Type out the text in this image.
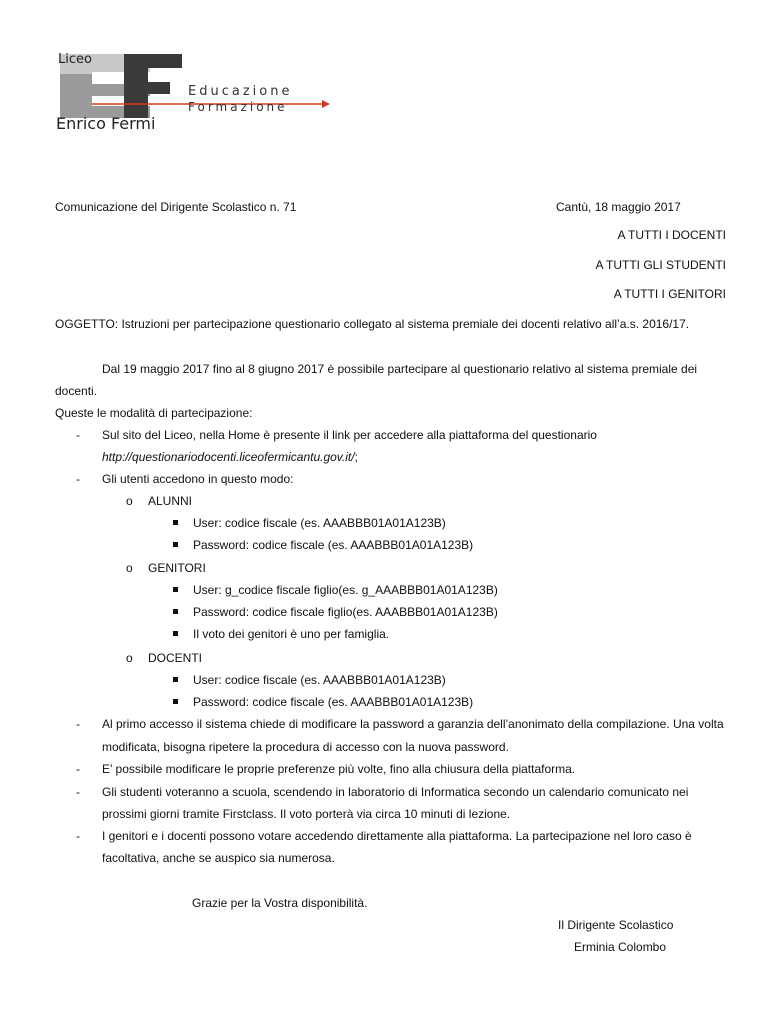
Liceo
Educazione
Formazione
Enrico Fermi
Comunicazione del Dirigente Scolastico n. 71	Cantù, 18 maggio 2017
A TUTTI I DOCENTI
A TUTTI GLI STUDENTI
A TUTTI I GENITORI
OGGETTO: Istruzioni per partecipazione questionario collegato al sistema premiale dei docenti relativo all’a.s. 2016/17.
Dal 19 maggio 2017 fino al 8 giugno 2017 è possibile partecipare al questionario relativo al sistema premiale dei
docenti.
Queste le modalità di partecipazione:
- Sul sito del Liceo, nella Home è presente il link per accedere alla piattaforma del questionario
http://questionariodocenti.liceofermicantu.gov.it/;
- Gli utenti accedono in questo modo:
o ALUNNI
User: codice fiscale (es. AAABBB01A01A123B)
Password: codice fiscale (es. AAABBB01A01A123B)
o GENITORI
User: g_codice fiscale figlio(es. g_AAABBB01A01A123B)
Password: codice fiscale figlio(es. AAABBB01A01A123B)
Il voto dei genitori è uno per famiglia.
o DOCENTI
User: codice fiscale (es. AAABBB01A01A123B)
Password: codice fiscale (es. AAABBB01A01A123B)
- Al primo accesso il sistema chiede di modificare la password a garanzia dell’anonimato della compilazione. Una volta
modificata, bisogna ripetere la procedura di accesso con la nuova password.
- E’ possibile modificare le proprie preferenze più volte, fino alla chiusura della piattaforma.
- Gli studenti voteranno a scuola, scendendo in laboratorio di Informatica secondo un calendario comunicato nei
prossimi giorni tramite Firstclass. Il voto porterà via circa 10 minuti di lezione.
- I genitori e i docenti possono votare accedendo direttamente alla piattaforma. La partecipazione nel loro caso è
facoltativa, anche se auspico sia numerosa.
Grazie per la Vostra disponibilità.
Il Dirigente Scolastico
Erminia Colombo
